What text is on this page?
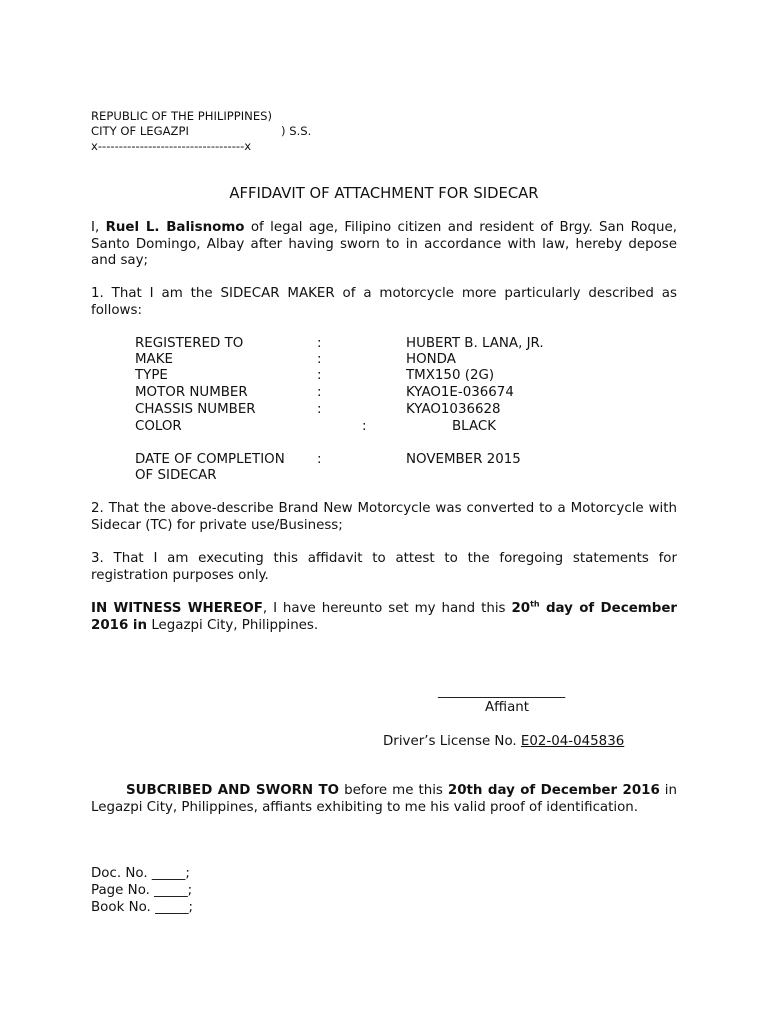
REPUBLIC OF THE PHILIPPINES)
CITY OF LEGAZPI	) S.S.
x-----------------------------------x
AFFIDAVIT OF ATTACHMENT FOR SIDECAR
I, Ruel L. Balisnomo of legal age, Filipino citizen and resident of Brgy. San Roque, Santo Domingo, Albay after having sworn to in accordance with law, hereby depose and say;
1. That I am the SIDECAR MAKER of a motorcycle more particularly described as follows:
REGISTERED TO	:	HUBERT B. LANA, JR.
MAKE	:	HONDA
TYPE	:	TMX150 (2G)
MOTOR NUMBER	:	KYAO1E-036674
CHASSIS NUMBER	:	KYAO1036628
COLOR	:	BLACK
DATE OF COMPLETION :	NOVEMBER 2015
OF SIDECAR
2. That the above-describe Brand New Motorcycle was converted to a Motorcycle with Sidecar (TC) for private use/Business;
3. That I am executing this affidavit to attest to the foregoing statements for registration purposes only.
IN WITNESS WHEREOF, I have hereunto set my hand this 20th day of December 2016 in Legazpi City, Philippines.
___________________
Affiant
Driver’s License No. E02-04-045836
SUBCRIBED AND SWORN TO before me this 20th day of December 2016 in Legazpi City, Philippines, affiants exhibiting to me his valid proof of identification.
Doc. No. _____;
Page No. _____;
Book No. _____;
